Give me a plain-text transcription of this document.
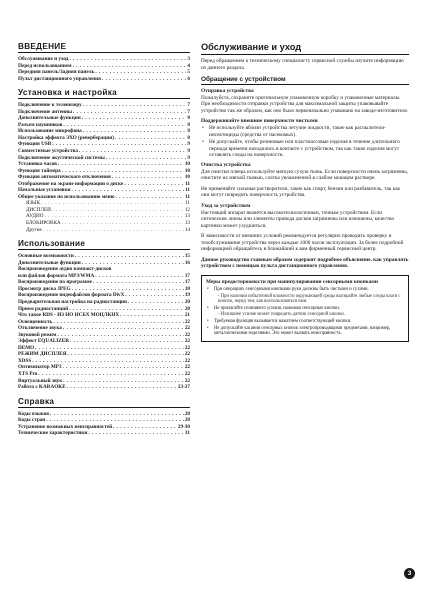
ВВЕДЕНИЕ
Обслуживание и уход . . .	3
Перед использованием . . .	4
Передняя панель/Задняя панель . . .	5
Пульт дистанционного управления . . .	6
Установка и настройка
Подключение к телевизору . . .	7
Подключение антенны . . .	7
Дополнительные функции . . .	8
Разъем наушников . . .	8
Использование микрофона . . .	8
Настройка эффекта ЭХО (реверберации) . . .	8
Функция USB . . .	9
Совместимые устройства . . .	9
Подключение акустической системы . . .	9
Установка часов . . .	10
Функция таймера . . .	10
Функция автоматического отключения . . .	10
Отображение на экране информации о диске . . .	11
Начальные установки . . .	11
Общее указание по использованию меню . . .	11
ЯЗЫК . . .	11
ДИСПЛЕЙ . . .	12
АУДИО . . .	13
БЛОКИРОВКА . . .	13
Другие . . .	14
Использование
Основные возможности . . .	15
Дополнительные функции . . .	16
Воспроизведение аудио компакт-дисков
или файлов формата MP3/WMA . . .	17
Воспроизведение по программе . . .	17
Просмотр диска JPEG . . .	18
Воспроизведение видеофайлов формата DivX . . .	19
Предварительная настройка на радиостанции . . .	20
Прием радиостанций . . .	20
Что такое RDS - ИЗ НО НСБХ МОЦЛКНХ . . .	21
Освещенность . . .	22
Отключение звука . . .	22
Звуковой режим . . .	22
Эффект EQUALIZER . . .	22
DEMO . . .	22
РЕЖИМ ДИСПЛЕЯ . . .	22
XDSS . . .	22
Оптимизатор MP3 . . .	22
XTS Pro . . .	22
Виртуальный звук . . .	22
Работа с KARAOKE . . .	23-27
Справка
Коды языков . . .	28
Коды стран . . .	28
Устранение возможных неисправностей . . .	29-30
Технические характеристики . . .	31
Обслуживание и уход

Перед обращением к техническому специалисту сервисной службы изучите информацию из данного раздела.

Обращение с устройством
Отправка устройства

Пожалуйста, сохраните оригинальную упаковочную коробку и упаковочные материалы. При необходимости отправки устройства для максимальной защиты упаковывайте устройство так же образом, как оно было первоначально упаковано на заводе-изготовителе.

Поддерживайте внешние поверхности чистыми
• Не используйте вблизи устройства летучие жидкости, такие как распылители-инсектициды (средства от насекомых).
• Не допускайте, чтобы резиновые или пластмассовые изделия в течение длительного периода времени находились в контакте с устройством, так как такие изделия могут оставлять следы на поверхности.
Очистка устройства

Для очистки плеера используйте мягкую сухую ткань. Если поверхности очень загрязнены, очистите их мягкой тканью, слегка увлажненной в слабом моющем растворе.

Не применяйте сильные растворители, такие как спирт, бензин или разбавитель, так как они могут повредить поверхность устройства.

Уход за устройством

Настоящий аппарат является высокотехнологичным, точным устройством. Если оптические линзы или элементы привода дисков загрязнены или изношены, качество картинки может ухудшиться.

В зависимости от внешних условий рекомендуется регулярно проводить проверку и техобслуживание устройства через каждые 1000 часов эксплуатации. За более подробной информацией обращайтесь в ближайший к вам фирменный сервисный центр.

Данное руководство главным образом содержит подробное объяснение, как управлять устройством с помощью пульта дистанционного управления.

Меры предосторожности при манипулировании сенсорными кнопками
• При операциях сенсорными кнопками руки должны быть чистыми и сухими.
- При наличии избыточной влажности окружающей среды вытирайте любые следы влаги с кнопок, перед тем, как воспользоваться ими.
• Не прилагайте излишнего усилия, нажимая сенсорные кнопки.
- Излишнее усилие может повредить датчик сенсорной кнопки.
• Требуемая функция вызывается нажатием соответствующей кнопки.
• Не допускайте касания сенсорных кнопок электропроводящими предметами, например, металлическими изделиями. Это может вызвать неисправность.
3
